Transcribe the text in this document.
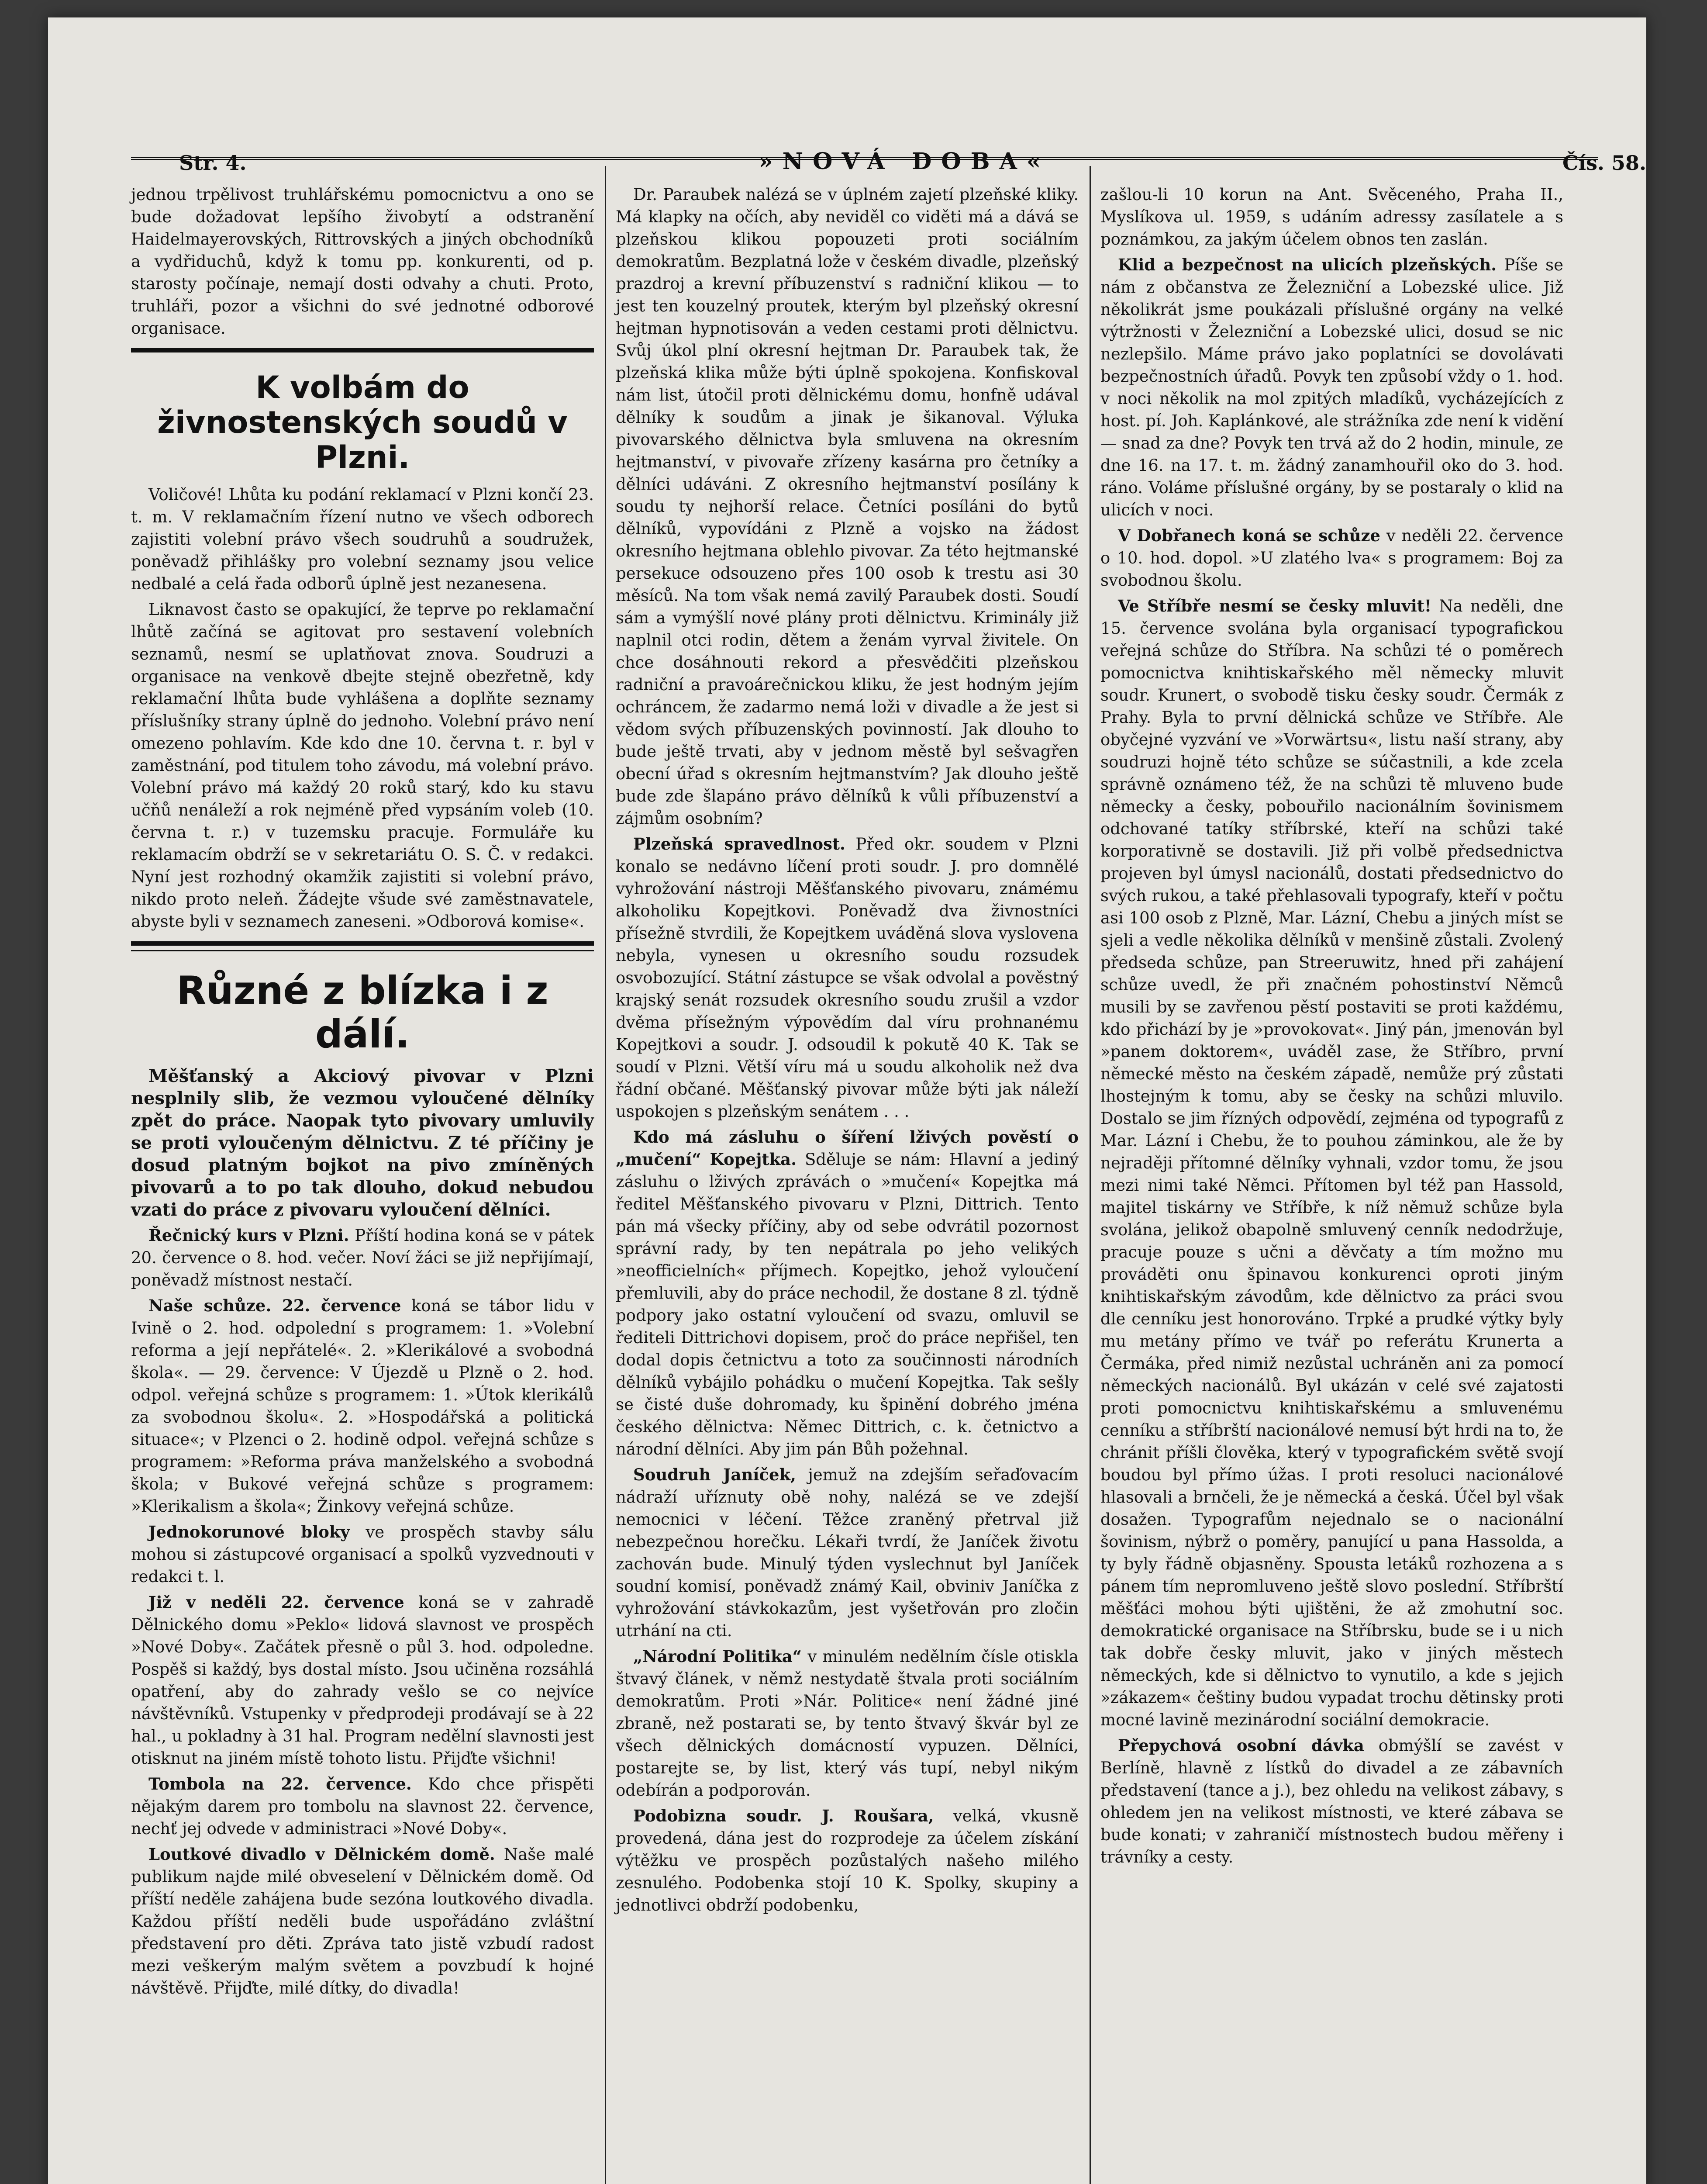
Str. 4.	»NOVÁ DOBA«	Čís. 58.

jednou trpělivost truhlářskému pomocnictvu a ono se bude dožadovat lepšího živobytí a odstranění Haidelmayerovských, Rittrovských a jiných obchodníků a vydřiduchů, když k tomu pp. konkurenti, od p. starosty počínaje, nemají dosti odvahy a chuti. Proto, truhláři, pozor a všichni do své jednotné odborové organisace.

K volbám do živnostenských soudů v Plzni.

Voličové! Lhůta ku podání reklamací v Plzni končí 23. t. m. V reklamačním řízení nutno ve všech odborech zajistiti volební právo všech soudruhů a soudružek, poněvadž přihlášky pro volební seznamy jsou velice nedbalé a celá řada odborů úplně jest nezanesena.

Liknavost často se opakující, že teprve po reklamační lhůtě začíná se agitovat pro sestavení volebních seznamů, nesmí se uplatňovat znova. Soudruzi a organisace na venkově dbejte stejně obezřetně, kdy reklamační lhůta bude vyhlášena a doplňte seznamy příslušníky strany úplně do jednoho. Volební právo není omezeno pohlavím. Kde kdo dne 10. června t. r. byl v zaměstnání, pod titulem toho závodu, má volební právo. Volební právo má každý 20 roků starý, kdo ku stavu učňů nenáleží a rok nejméně před vypsáním voleb (10. června t. r.) v tuzemsku pracuje. Formuláře ku reklamacím obdrží se v sekretariátu O. S. Č. v redakci. Nyní jest rozhodný okamžik zajistiti si volební právo, nikdo proto neleň. Žádejte všude své zaměstnavatele, abyste byli v seznamech zaneseni. »Odborová komise«.

Různé z blízka i z dálí.

Měšťanský a Akciový pivovar v Plzni nesplnily slib, že vezmou vyloučené dělníky zpět do práce. Naopak tyto pivovary umluvily se proti vyloučeným dělnictvu. Z té příčiny je dosud platným bojkot na pivo zmíněných pivovarů a to po tak dlouho, dokud nebudou vzati do práce z pivovaru vyloučení dělníci.

Řečnický kurs v Plzni. Příští hodina koná se v pátek 20. července o 8. hod. večer. Noví žáci se již nepřijímají, poněvadž místnost nestačí.

Naše schůze. 22. července koná se tábor lidu v Ivině o 2. hod. odpolední s programem: 1. »Volební reforma a její nepřátelé«. 2. »Klerikálové a svobodná škola«. — 29. července: V Újezdě u Plzně o 2. hod. odpol. veřejná schůze s programem: 1. »Útok klerikálů za svobodnou školu«. 2. »Hospodářská a politická situace«; v Plzenci o 2. hodině odpol. veřejná schůze s programem: »Reforma práva manželského a svobodná škola; v Bukové veřejná schůze s programem: »Klerikalism a škola«; Žinkovy veřejná schůze.

Jednokorunové bloky ve prospěch stavby sálu mohou si zástupcové organisací a spolků vyzvednouti v redakci t. l.

Již v neděli 22. července koná se v zahradě Dělnického domu »Peklo« lidová slavnost ve prospěch »Nové Doby«. Začátek přesně o půl 3. hod. odpoledne. Pospěš si každý, bys dostal místo. Jsou učiněna rozsáhlá opatření, aby do zahrady vešlo se co nejvíce návštěvníků. Vstupenky v předprodeji prodávají se à 22 hal., u pokladny à 31 hal. Program nedělní slavnosti jest otisknut na jiném místě tohoto listu. Přijďte všichni!

Tombola na 22. července. Kdo chce přispěti nějakým darem pro tombolu na slavnost 22. července, nechť jej odvede v administraci »Nové Doby«.

Loutkové divadlo v Dělnickém domě. Naše malé publikum najde milé obveselení v Dělnickém domě. Od příští neděle zahájena bude sezóna loutkového divadla. Každou příští neděli bude uspořádáno zvláštní představení pro děti. Zpráva tato jistě vzbudí radost mezi veškerým malým světem a povzbudí k hojné návštěvě. Přijďte, milé dítky, do divadla!

Dr. Paraubek nalézá se v úplném zajetí plzeňské kliky. Má klapky na očích, aby neviděl co viděti má a dává se plzeňskou klikou popouzeti proti sociálním demokratům. Bezplatná lože v českém divadle, plzeňský prazdroj a krevní příbuzenství s radniční klikou — to jest ten kouzelný proutek, kterým byl plzeňský okresní hejtman hypnotisován a veden cestami proti dělnictvu. Svůj úkol plní okresní hejtman Dr. Paraubek tak, že plzeňská klika může býti úplně spokojena. Konfiskoval nám list, útočil proti dělnickému domu, honfně udával dělníky k soudům a jinak je šikanoval. Výluka pivovarského dělnictva byla smluvena na okresním hejtmanství, v pivovaře zřízeny kasárna pro četníky a dělníci udáváni. Z okresního hejtmanství posílány k soudu ty nejhorší relace. Četníci posíláni do bytů dělníků, vypovídáni z Plzně a vojsko na žádost okresního hejtmana oblehlo pivovar. Za této hejtmanské persekuce odsouzeno přes 100 osob k trestu asi 30 měsíců. Na tom však nemá zavilý Paraubek dosti. Soudí sám a vymýšlí nové plány proti dělnictvu. Kriminály již naplnil otci rodin, dětem a ženám vyrval živitele. On chce dosáhnouti rekord a přesvědčiti plzeňskou radniční a pravoárečnickou kliku, že jest hodným jejím ochráncem, že zadarmo nemá loži v divadle a že jest si vědom svých příbuzenských povinností. Jak dlouho to bude ještě trvati, aby v jednom městě byl sešvagřen obecní úřad s okresním hejtmanstvím? Jak dlouho ještě bude zde šlapáno právo dělníků k vůli příbuzenství a zájmům osobním?

Plzeňská spravedlnost. Před okr. soudem v Plzni konalo se nedávno líčení proti soudr. J. pro domnělé vyhrožování nástroji Měšťanského pivovaru, známému alkoholiku Kopejtkovi. Poněvadž dva živnostníci přísežně stvrdili, že Kopejtkem uváděná slova vyslovena nebyla, vynesen u okresního soudu rozsudek osvobozující. Státní zástupce se však odvolal a pověstný krajský senát rozsudek okresního soudu zrušil a vzdor dvěma přísežným výpovědím dal víru prohnanému Kopejtkovi a soudr. J. odsoudil k pokutě 40 K. Tak se soudí v Plzni. Větší víru má u soudu alkoholik než dva řádní občané. Měšťanský pivovar může býti jak náleží uspokojen s plzeňským senátem . . .

Kdo má zásluhu o šíření lživých pověstí o „mučení“ Kopejtka. Sděluje se nám: Hlavní a jediný zásluhu o lživých zprávách o »mučení« Kopejtka má ředitel Měšťanského pivovaru v Plzni, Dittrich. Tento pán má všecky příčiny, aby od sebe odvrátil pozornost správní rady, by ten nepátrala po jeho velikých »neofficielních« příjmech. Kopejtko, jehož vyloučení přemluvili, aby do práce nechodil, že dostane 8 zl. týdně podpory jako ostatní vyloučení od svazu, omluvil se řediteli Dittrichovi dopisem, proč do práce nepřišel, ten dodal dopis četnictvu a toto za součinnosti národních dělníků vybájilo pohádku o mučení Kopejtka. Tak sešly se čisté duše dohromady, ku špinění dobrého jména českého dělnictva: Němec Dittrich, c. k. četnictvo a národní dělníci. Aby jim pán Bůh požehnal.

Soudruh Janíček, jemuž na zdejším seřaďovacím nádraží uříznuty obě nohy, nalézá se ve zdejší nemocnici v léčení. Těžce zraněný přetrval již nebezpečnou horečku. Lékaři tvrdí, že Janíček životu zachován bude. Minulý týden vyslechnut byl Janíček soudní komisí, poněvadž známý Kail, obviniv Janíčka z vyhrožování stávkokazům, jest vyšetřován pro zločin utrhání na cti.

„Národní Politika“ v minulém nedělním čísle otiskla štvavý článek, v němž nestydatě štvala proti sociálním demokratům. Proti »Nár. Politice« není žádné jiné zbraně, než postarati se, by tento štvavý škvár byl ze všech dělnických domácností vypuzen. Dělníci, postarejte se, by list, který vás tupí, nebyl nikým odebírán a podporován.

Podobizna soudr. J. Roušara, velká, vkusně provedená, dána jest do rozprodeje za účelem získání výtěžku ve prospěch pozůstalých našeho milého zesnulého. Podobenka stojí 10 K. Spolky, skupiny a jednotlivci obdrží podobenku,

zašlou-li 10 korun na Ant. Svěceného, Praha II., Myslíkova ul. 1959, s udáním adressy zasílatele a s poznámkou, za jakým účelem obnos ten zaslán.

Klid a bezpečnost na ulicích plzeňských. Píše se nám z občanstva ze Železniční a Lobezské ulice. Již několikrát jsme poukázali příslušné orgány na velké výtržnosti v Železniční a Lobezské ulici, dosud se nic nezlepšilo. Máme právo jako poplatníci se dovolávati bezpečnostních úřadů. Povyk ten způsobí vždy o 1. hod. v noci několik na mol zpitých mladíků, vycházejících z host. pí. Joh. Kaplánkové, ale strážníka zde není k vidění — snad za dne? Povyk ten trvá až do 2 hodin, minule, ze dne 16. na 17. t. m. žádný zanamhouřil oko do 3. hod. ráno. Voláme příslušné orgány, by se postaraly o klid na ulicích v noci.

V Dobřanech koná se schůze v neděli 22. července o 10. hod. dopol. »U zlatého lva« s programem: Boj za svobodnou školu.

Ve Stříbře nesmí se česky mluvit! Na neděli, dne 15. července svolána byla organisací typografickou veřejná schůze do Stříbra. Na schůzi té o poměrech pomocnictva knihtiskařského měl německy mluvit soudr. Krunert, o svobodě tisku česky soudr. Čermák z Prahy. Byla to první dělnická schůze ve Stříbře. Ale obyčejné vyzvání ve »Vorwärtsu«, listu naší strany, aby soudruzi hojně této schůze se súčastnili, a kde zcela správně oznámeno též, že na schůzi tě mluveno bude německy a česky, pobouřilo nacionálním šovinismem odchované tatíky stříbrské, kteří na schůzi také korporativně se dostavili. Již při volbě předsednictva projeven byl úmysl nacionálů, dostati předsednictvo do svých rukou, a také přehlasovali typografy, kteří v počtu asi 100 osob z Plzně, Mar. Lázní, Chebu a jiných míst se sjeli a vedle několika dělníků v menšině zůstali. Zvolený předseda schůze, pan Streeruwitz, hned při zahájení schůze uvedl, že při značném pohostinství Němců musili by se zavřenou pěstí postaviti se proti každému, kdo přichází by je »provokovat«. Jiný pán, jmenován byl »panem doktorem«, uváděl zase, že Stříbro, první německé město na českém západě, nemůže prý zůstati lhostejným k tomu, aby se česky na schůzi mluvilo. Dostalo se jim řízných odpovědí, zejména od typografů z Mar. Lázní i Chebu, že to pouhou záminkou, ale že by nejraději přítomné dělníky vyhnali, vzdor tomu, že jsou mezi nimi také Němci. Přítomen byl též pan Hassold, majitel tiskárny ve Stříbře, k níž němuž schůze byla svolána, jelikož obapolně smluvený cenník nedodržuje, pracuje pouze s učni a děvčaty a tím možno mu prováděti onu špinavou konkurenci oproti jiným knihtiskařským závodům, kde dělnictvo za práci svou dle cenníku jest honorováno. Trpké a prudké výtky byly mu metány přímo ve tvář po referátu Krunerta a Čermáka, před nimiž nezůstal uchráněn ani za pomocí německých nacionálů. Byl ukázán v celé své zajatosti proti pomocnictvu knihtiskařskému a smluvenému cenníku a stříbrští nacionálové nemusí být hrdi na to, že chránit příšli člověka, který v typografickém světě svojí boudou byl přímo úžas. I proti resoluci nacionálové hlasovali a brnčeli, že je německá a česká. Účel byl však dosažen. Typografům nejednalo se o nacionální šovinism, nýbrž o poměry, panující u pana Hassolda, a ty byly řádně objasněny. Spousta letáků rozhozena a s pánem tím nepromluveno ještě slovo poslední. Stříbrští měšťáci mohou býti ujištěni, že až zmohutní soc. demokratické organisace na Stříbrsku, bude se i u nich tak dobře česky mluvit, jako v jiných městech německých, kde si dělnictvo to vynutilo, a kde s jejich »zákazem« češtiny budou vypadat trochu dětinsky proti mocné lavině mezinárodní sociální demokracie.

Přepychová osobní dávka obmýšlí se zavést v Berlíně, hlavně z lístků do divadel a ze zábavních představení (tance a j.), bez ohledu na velikost zábavy, s ohledem jen na velikost místnosti, ve které zábava se bude konati; v zahraničí místnostech budou měřeny i trávníky a cesty.
